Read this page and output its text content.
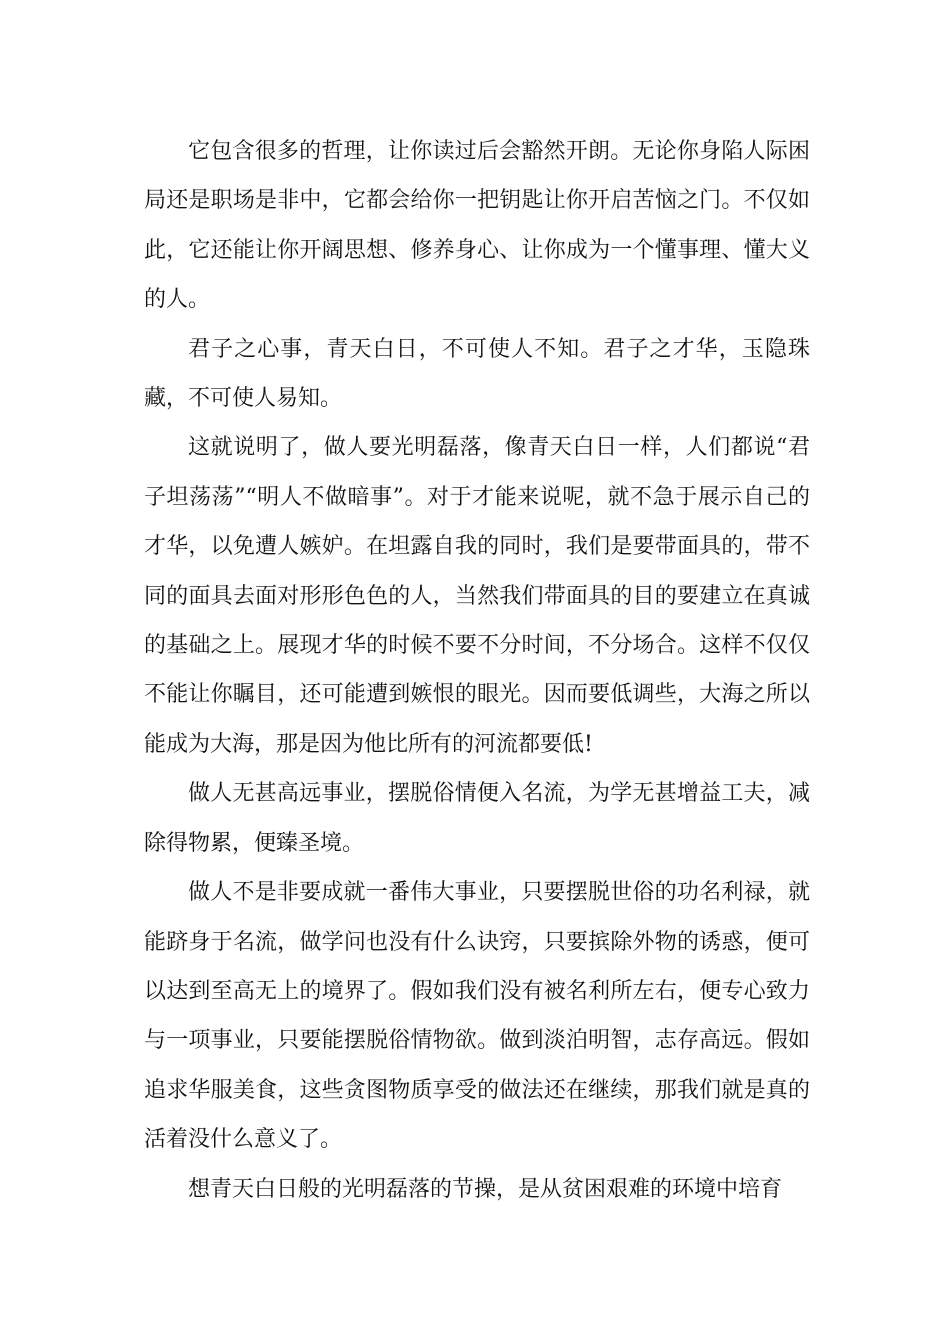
它包含很多的哲理，让你读过后会豁然开朗。无论你身陷人际困局还是职场是非中，它都会给你一把钥匙让你开启苦恼之门。不仅如此，它还能让你开阔思想、修养身心、让你成为一个懂事理、懂大义的人。

君子之心事，青天白日，不可使人不知。君子之才华，玉隐珠藏，不可使人易知。

这就说明了，做人要光明磊落，像青天白日一样，人们都说“君子坦荡荡”“明人不做暗事”。对于才能来说呢，就不急于展示自己的才华，以免遭人嫉妒。在坦露自我的同时，我们是要带面具的，带不同的面具去面对形形色色的人，当然我们带面具的目的要建立在真诚的基础之上。展现才华的时候不要不分时间，不分场合。这样不仅仅不能让你瞩目，还可能遭到嫉恨的眼光。因而要低调些，大海之所以能成为大海，那是因为他比所有的河流都要低!

做人无甚高远事业，摆脱俗情便入名流，为学无甚增益工夫，减除得物累，便臻圣境。

做人不是非要成就一番伟大事业，只要摆脱世俗的功名利禄，就能跻身于名流，做学问也没有什么诀窍，只要摈除外物的诱惑，便可以达到至高无上的境界了。假如我们没有被名利所左右，便专心致力与一项事业，只要能摆脱俗情物欲。做到淡泊明智，志存高远。假如追求华服美食，这些贪图物质享受的做法还在继续，那我们就是真的活着没什么意义了。

想青天白日般的光明磊落的节操，是从贫困艰难的环境中培育
